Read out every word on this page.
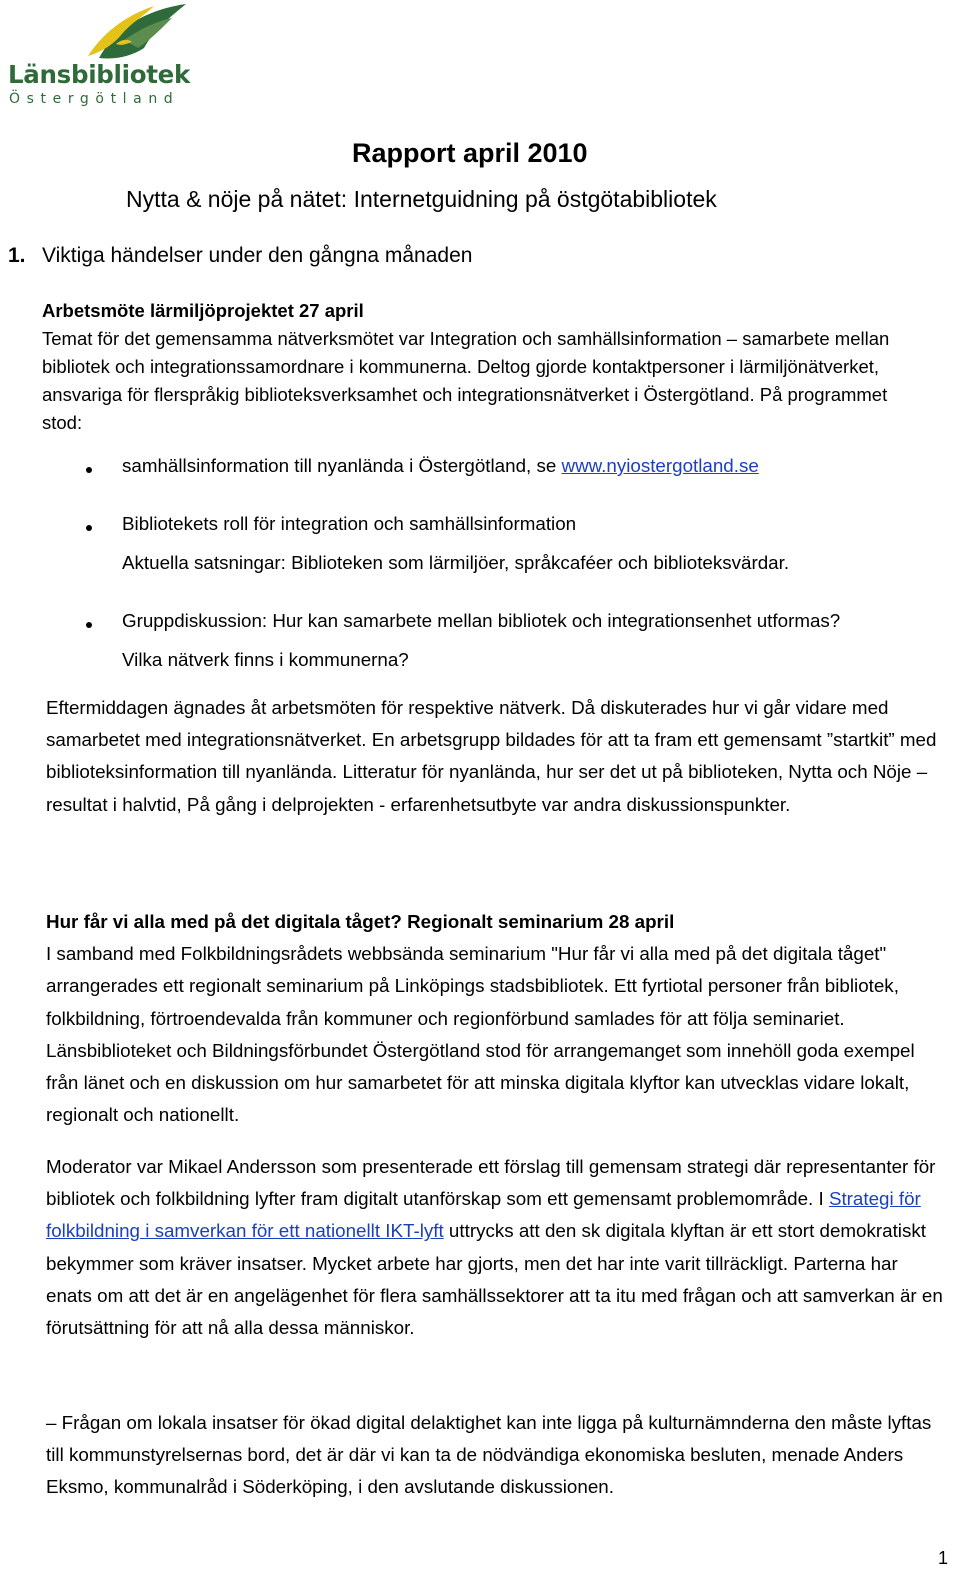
Länsbibliotek
Östergötland
Rapport april 2010
Nytta & nöje på nätet: Internetguidning på östgötabibliotek
1. Viktiga händelser under den gångna månaden
Arbetsmöte lärmiljöprojektet 27 april
Temat för det gemensamma nätverksmötet var Integration och samhällsinformation – samarbete mellan bibliotek och integrationssamordnare i kommunerna. Deltog gjorde kontaktpersoner i lärmiljönätverket, ansvariga för flerspråkig biblioteksverksamhet och integrationsnätverket i Östergötland. På programmet stod:
samhällsinformation till nyanlända i Östergötland, se www.nyiostergotland.se
Bibliotekets roll för integration och samhällsinformation
Aktuella satsningar: Biblioteken som lärmiljöer, språkcaféer och biblioteksvärdar.
Gruppdiskussion: Hur kan samarbete mellan bibliotek och integrationsenhet utformas?
Vilka nätverk finns i kommunerna?
Eftermiddagen ägnades åt arbetsmöten för respektive nätverk. Då diskuterades hur vi går vidare med samarbetet med integrationsnätverket. En arbetsgrupp bildades för att ta fram ett gemensamt ”startkit” med biblioteksinformation till nyanlända. Litteratur för nyanlända, hur ser det ut på biblioteken, Nytta och Nöje – resultat i halvtid, På gång i delprojekten - erfarenhetsutbyte var andra diskussionspunkter.
Hur får vi alla med på det digitala tåget? Regionalt seminarium 28 april
I samband med Folkbildningsrådets webbsända seminarium "Hur får vi alla med på det digitala tåget" arrangerades ett regionalt seminarium på Linköpings stadsbibliotek. Ett fyrtiotal personer från bibliotek, folkbildning, förtroendevalda från kommuner och regionförbund samlades för att följa seminariet. Länsbiblioteket och Bildningsförbundet Östergötland stod för arrangemanget som innehöll goda exempel från länet och en diskussion om hur samarbetet för att minska digitala klyftor kan utvecklas vidare lokalt, regionalt och nationellt.
Moderator var Mikael Andersson som presenterade ett förslag till gemensam strategi där representanter för bibliotek och folkbildning lyfter fram digitalt utanförskap som ett gemensamt problemområde. I Strategi för folkbildning i samverkan för ett nationellt IKT-lyft uttrycks att den sk digitala klyftan är ett stort demokratiskt bekymmer som kräver insatser. Mycket arbete har gjorts, men det har inte varit tillräckligt. Parterna har enats om att det är en angelägenhet för flera samhällssektorer att ta itu med frågan och att samverkan är en förutsättning för att nå alla dessa människor.
– Frågan om lokala insatser för ökad digital delaktighet kan inte ligga på kulturnämnderna den måste lyftas till kommunstyrelsernas bord, det är där vi kan ta de nödvändiga ekonomiska besluten, menade Anders Eksmo, kommunalråd i Söderköping, i den avslutande diskussionen.
1
